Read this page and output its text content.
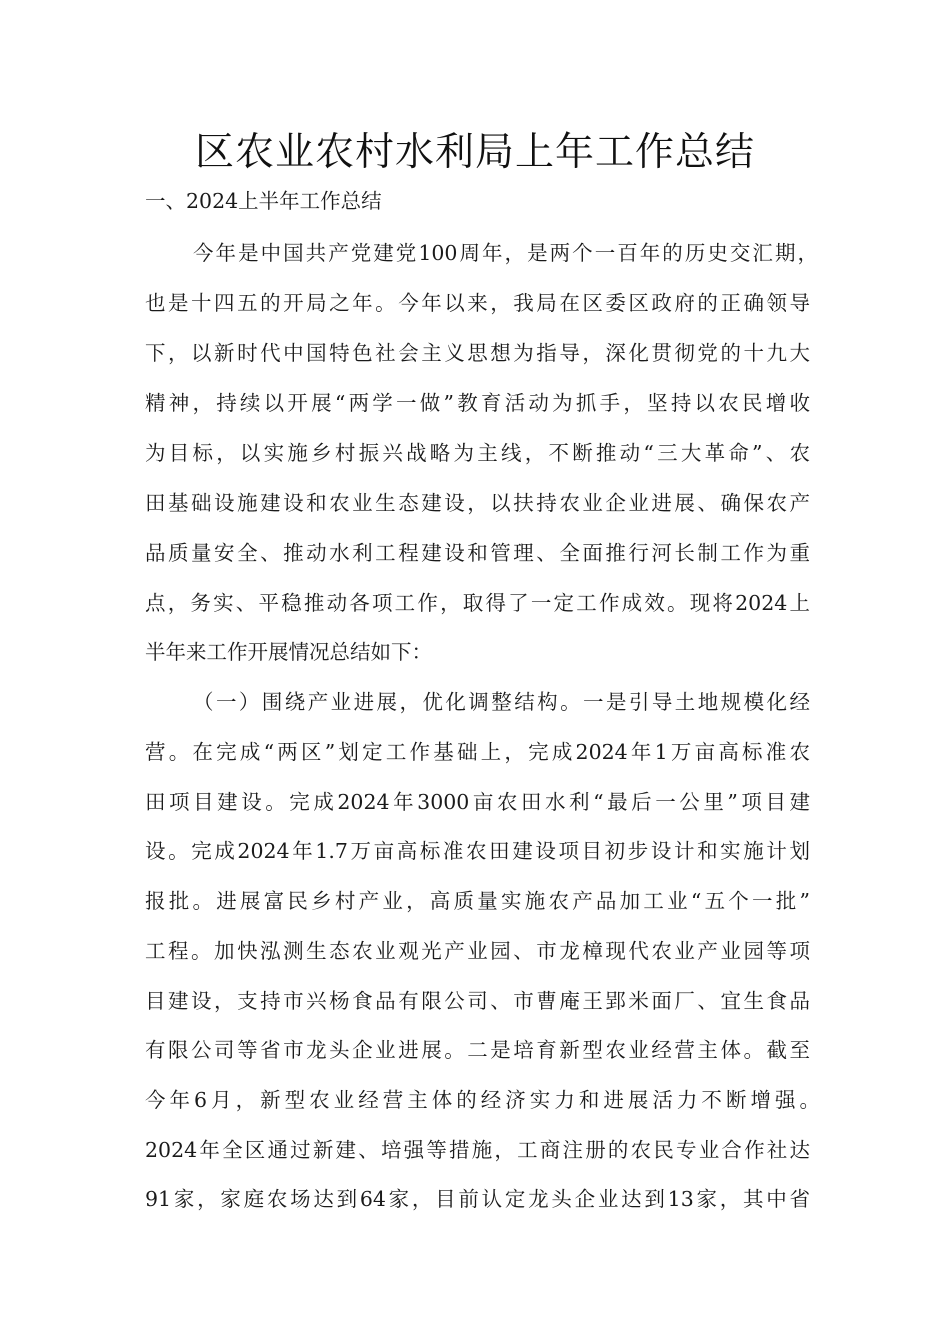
区农业农村水利局上年工作总结
一、2024上半年工作总结
今年是中国共产党建党100周年，是两个一百年的历史交汇期，
也是十四五的开局之年。今年以来，我局在区委区政府的正确领导
下，以新时代中国特色社会主义思想为指导，深化贯彻党的十九大
精神，持续以开展“两学一做”教育活动为抓手，坚持以农民增收
为目标，以实施乡村振兴战略为主线，不断推动“三大革命”、农
田基础设施建设和农业生态建设，以扶持农业企业进展、确保农产
品质量安全、推动水利工程建设和管理、全面推行河长制工作为重
点，务实、平稳推动各项工作，取得了一定工作成效。现将2024上
半年来工作开展情况总结如下：
（一）围绕产业进展，优化调整结构。一是引导土地规模化经
营。在完成“两区”划定工作基础上，完成2024年1万亩高标准农
田项目建设。完成2024年3000亩农田水利“最后一公里”项目建
设。完成2024年1.7万亩高标准农田建设项目初步设计和实施计划
报批。进展富民乡村产业，高质量实施农产品加工业“五个一批”
工程。加快泓测生态农业观光产业园、市龙樟现代农业产业园等项
目建设，支持市兴杨食品有限公司、市曹庵王郢米面厂、宜生食品
有限公司等省市龙头企业进展。二是培育新型农业经营主体。截至
今年6月，新型农业经营主体的经济实力和进展活力不断增强。
2024年全区通过新建、培强等措施，工商注册的农民专业合作社达
91家，家庭农场达到64家，目前认定龙头企业达到13家，其中省
